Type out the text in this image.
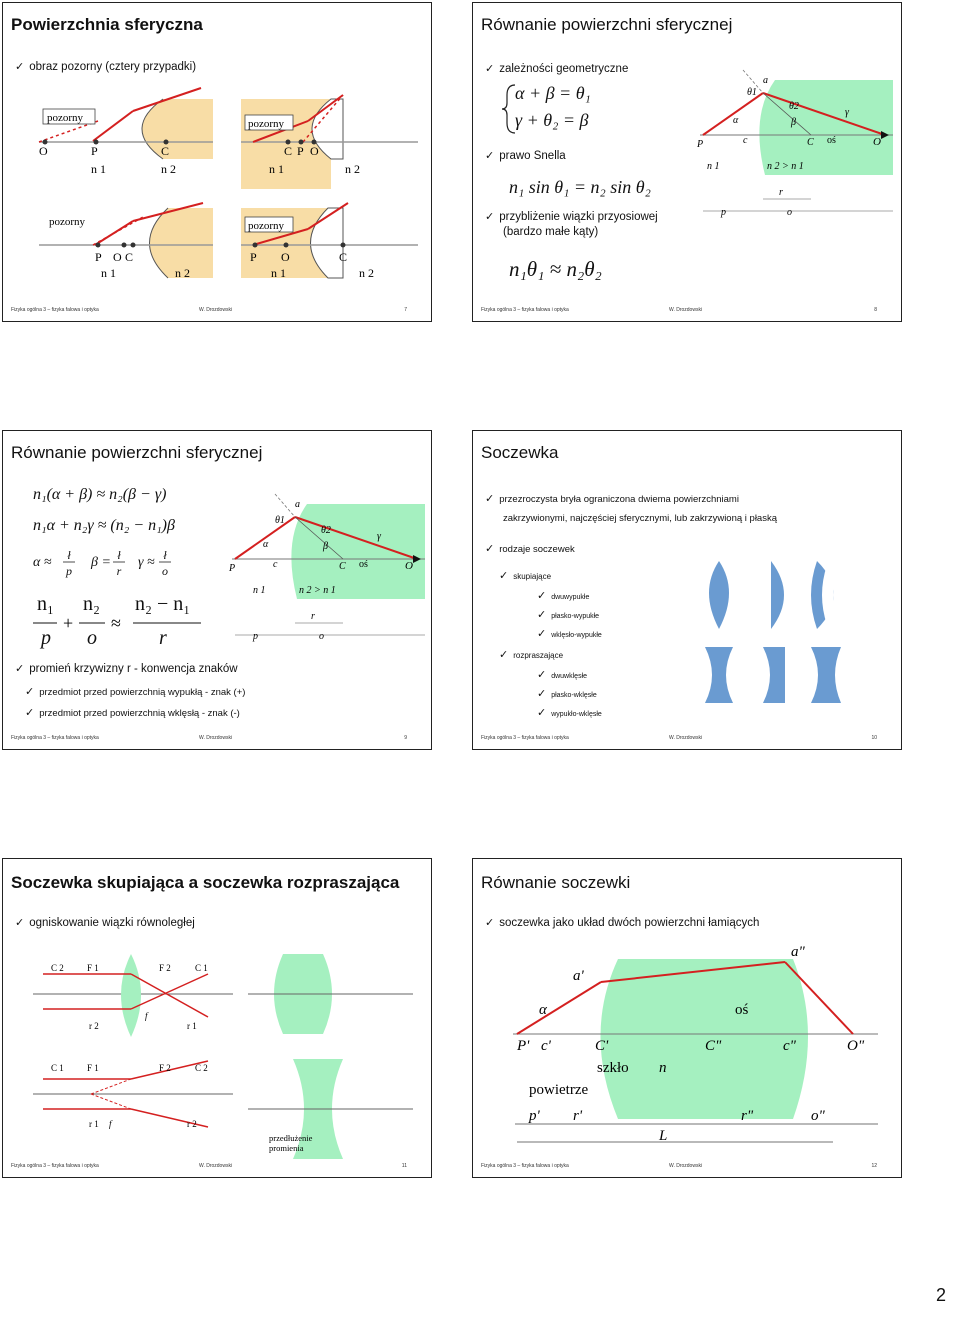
Powierzchnia sferyczna
✓ obraz pozorny (cztery przypadki)
pozorny
O	P	C
n 1	n 2
pozorny
C P O
n 1	n 2
pozorny
P O C
n 1	n 2
pozorny
P O	C
n 1	n 2
Fizyka ogólna 3 – fizyka falowa i optyka	W. Drozdowski	7
Równanie powierzchni sferycznej
✓ zależności geometryczne
α + β = θ₁
γ + θ₂ = β
✓ prawo Snella
n₁ sin θ₁ = n₂ sin θ₂
✓ przybliżenie wiązki przyosiowej
(bardzo małe kąty)
n₁θ₁ ≈ n₂θ₂
θ1
a
θ2
γ
α	β
c	C oś	O
P
n 1	n 2 > n 1
r
p	o
Fizyka ogólna 3 – fizyka falowa i optyka	W. Drozdowski	8
Równanie powierzchni sferycznej
n₁(α + β) ≈ n₂(β − γ)
n₁α + n₂γ ≈ (n₂ − n₁)β
α ≈	ł
p
β = ł
r
γ ≈ ł
o
n₁ n₂ n₂ − n₁
p o	r
+ ≈
✓ promień krzywizny r - konwencja znaków
✓ przedmiot przed powierzchnią wypukłą - znak (+)
✓ przedmiot przed powierzchnią wklęsłą - znak (-)
θ1
a
θ2
γ
α	β
c	C oś	O
P
n 1	n 2 > n 1
r
p	o
Fizyka ogólna 3 – fizyka falowa i optyka	W. Drozdowski	9
Soczewka
✓ przezroczysta bryła ograniczona dwiema powierzchniami
zakrzywionymi, najczęściej sferycznymi, lub zakrzywioną i płaską
✓ rodzaje soczewek
✓ skupiające
✓ dwuwypukłe
✓ płasko-wypukłe
✓ wklęsło-wypukłe
✓ rozpraszające
✓ dwuwklęsłe
✓ płasko-wklęsłe
✓ wypukło-wklęsłe
Fizyka ogólna 3 – fizyka falowa i optyka	W. Drozdowski	10
Soczewka skupiająca a soczewka rozpraszająca
✓ ogniskowanie wiązki równoległej
C 2	F 1	F 2	C 1
r 2
f
r 1
C 1	F 1	F 2	C 2
r 1 f	r 2
przedłużenie
promienia
Fizyka ogólna 3 – fizyka falowa i optyka	W. Drozdowski	11
Równanie soczewki
✓ soczewka jako układ dwóch powierzchni łamiących
a"
a'
α	oś
P' c'	C'	C"	c"	O"
szkło n
powietrze
p' r'	r"	o"
L
Fizyka ogólna 3 – fizyka falowa i optyka	W. Drozdowski	12
2
